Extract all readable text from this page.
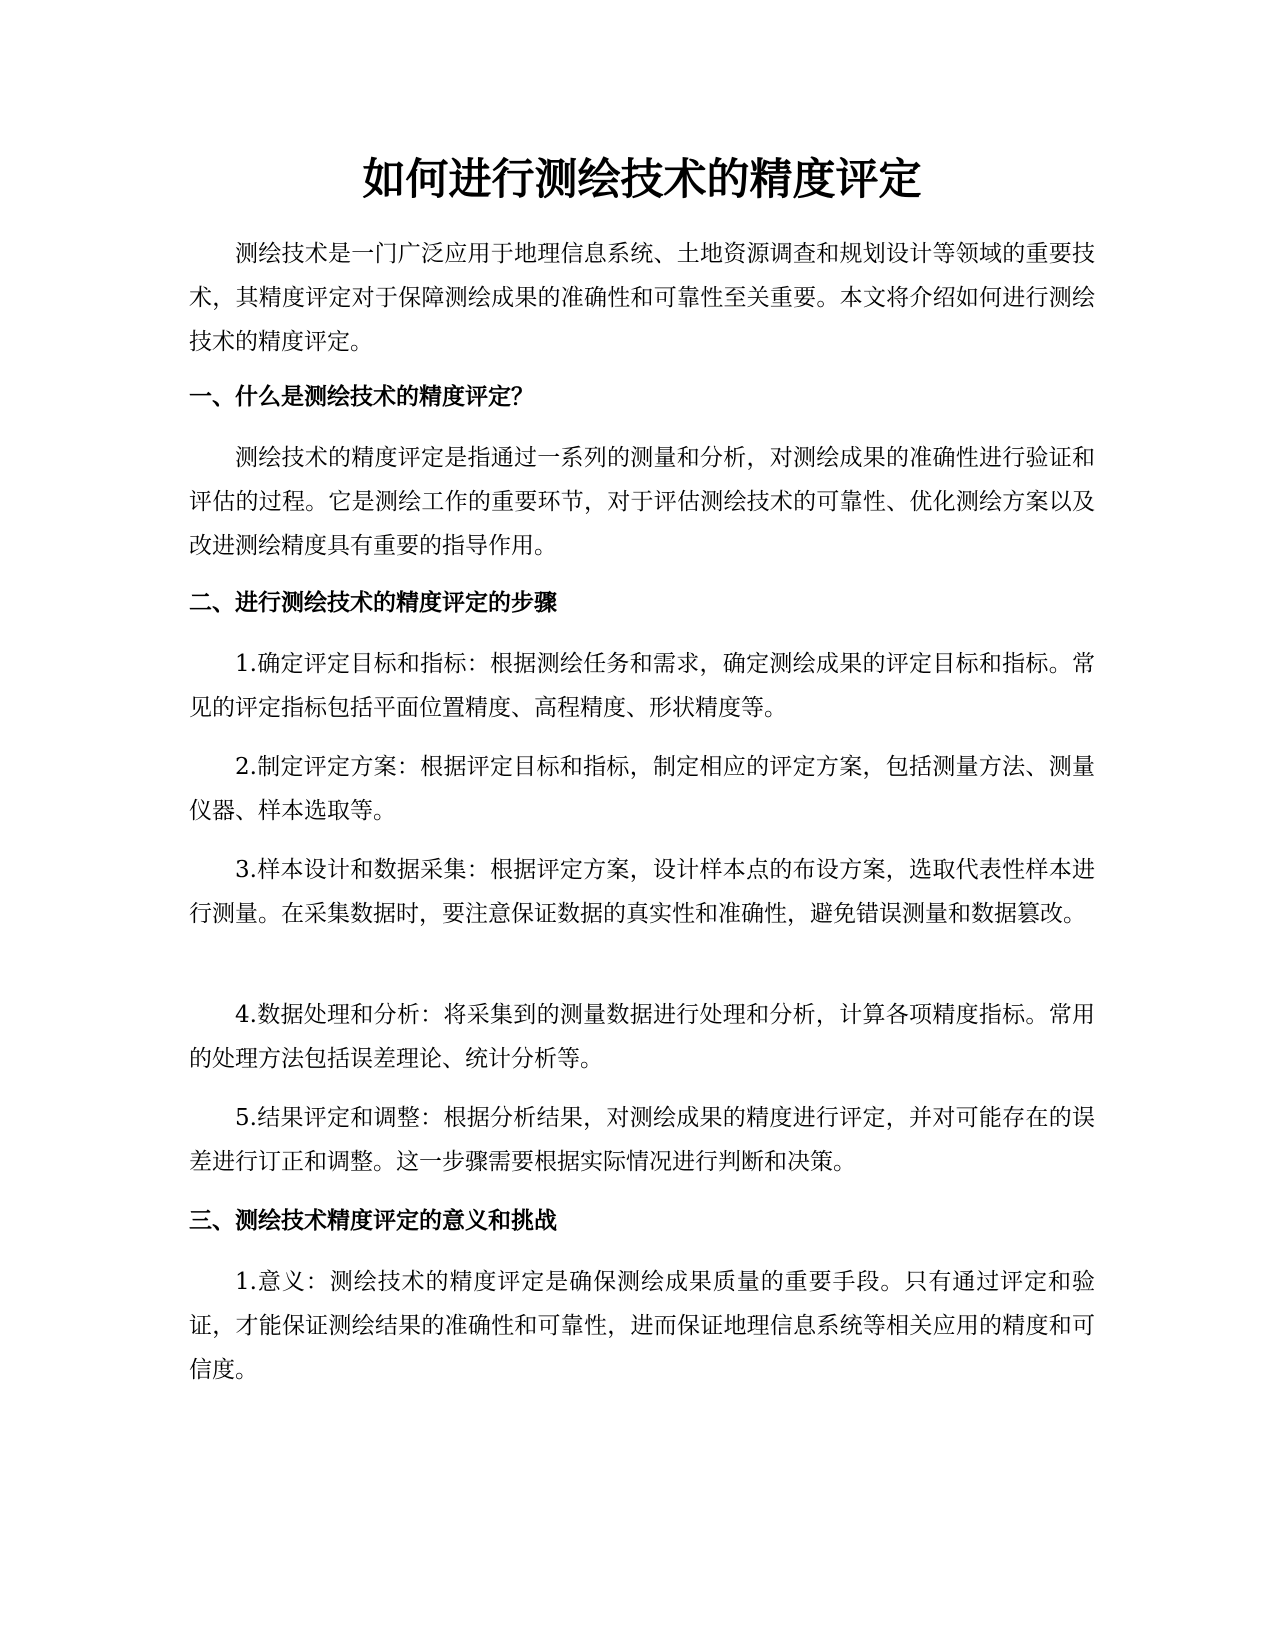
如何进行测绘技术的精度评定

测绘技术是一门广泛应用于地理信息系统、土地资源调查和规划设计等领域的重要技术，其精度评定对于保障测绘成果的准确性和可靠性至关重要。本文将介绍如何进行测绘技术的精度评定。

一、什么是测绘技术的精度评定？

测绘技术的精度评定是指通过一系列的测量和分析，对测绘成果的准确性进行验证和评估的过程。它是测绘工作的重要环节，对于评估测绘技术的可靠性、优化测绘方案以及改进测绘精度具有重要的指导作用。

二、进行测绘技术的精度评定的步骤

1.确定评定目标和指标：根据测绘任务和需求，确定测绘成果的评定目标和指标。常见的评定指标包括平面位置精度、高程精度、形状精度等。

2.制定评定方案：根据评定目标和指标，制定相应的评定方案，包括测量方法、测量仪器、样本选取等。

3.样本设计和数据采集：根据评定方案，设计样本点的布设方案，选取代表性样本进行测量。在采集数据时，要注意保证数据的真实性和准确性，避免错误测量和数据篡改。

4.数据处理和分析：将采集到的测量数据进行处理和分析，计算各项精度指标。常用的处理方法包括误差理论、统计分析等。

5.结果评定和调整：根据分析结果，对测绘成果的精度进行评定，并对可能存在的误差进行订正和调整。这一步骤需要根据实际情况进行判断和决策。

三、测绘技术精度评定的意义和挑战

1.意义：测绘技术的精度评定是确保测绘成果质量的重要手段。只有通过评定和验证，才能保证测绘结果的准确性和可靠性，进而保证地理信息系统等相关应用的精度和可信度。
